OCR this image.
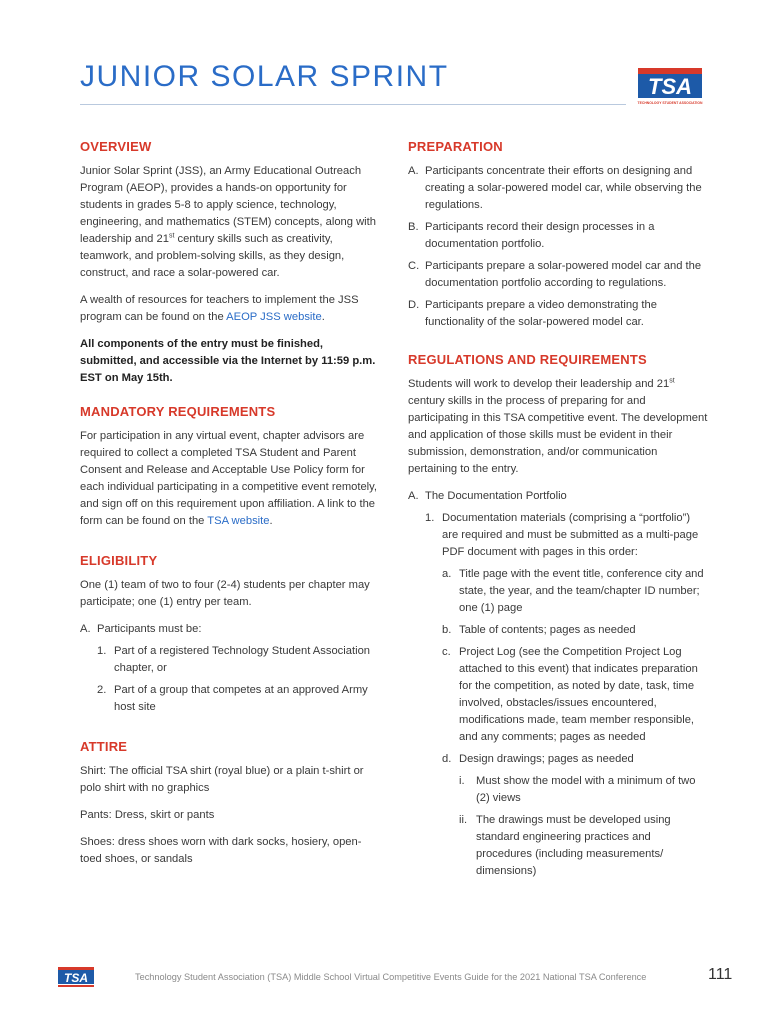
JUNIOR SOLAR SPRINT	TSA
TECHNOLOGY STUDENT ASSOCIATION
OVERVIEW

Junior Solar Sprint (JSS), an Army Educational Outreach Program (AEOP), provides a hands-on opportunity for students in grades 5-8 to apply science, technology, engineering, and mathematics (STEM) concepts, along with leadership and 21st century skills such as creativity, teamwork, and problem-solving skills, as they design, construct, and race a solar-powered car.

A wealth of resources for teachers to implement the JSS program can be found on the AEOP JSS website.

All components of the entry must be finished, submitted, and accessible via the Internet by 11:59 p.m. EST on May 15th.

MANDATORY REQUIREMENTS

For participation in any virtual event, chapter advisors are required to collect a completed TSA Student and Parent Consent and Release and Acceptable Use Policy form for each individual participating in a competitive event remotely, and sign off on this requirement upon affiliation. A link to the form can be found on the TSA website.

ELIGIBILITY

One (1) team of two to four (2-4) students per chapter may participate; one (1) entry per team.

A. Participants must be:
1. Part of a registered Technology Student Association chapter, or
2. Part of a group that competes at an approved Army host site
ATTIRE

Shirt: The official TSA shirt (royal blue) or a plain t-shirt or polo shirt with no graphics

Pants: Dress, skirt or pants

Shoes: dress shoes worn with dark socks, hosiery, open-toed shoes, or sandals

PREPARATION
A. Participants concentrate their efforts on designing and creating a solar-powered model car, while observing the regulations.
B. Participants record their design processes in a documentation portfolio.
C. Participants prepare a solar-powered model car and the documentation portfolio according to regulations.
D. Participants prepare a video demonstrating the functionality of the solar-powered model car.
REGULATIONS AND REQUIREMENTS

Students will work to develop their leadership and 21st century skills in the process of preparing for and participating in this TSA competitive event. The development and application of those skills must be evident in their submission, demonstration, and/or communication pertaining to the entry.

A. The Documentation Portfolio
1. Documentation materials (comprising a “portfolio”) are required and must be submitted as a multi-page PDF document with pages in this order:
a. Title page with the event title, conference city and state, the year, and the team/chapter ID number; one (1) page
b. Table of contents; pages as needed
c. Project Log (see the Competition Project Log attached to this event) that indicates preparation for the competition, as noted by date, task, time involved, obstacles/issues encountered, modifications made, team member responsible, and any comments; pages as needed
d. Design drawings; pages as needed
i. Must show the model with a minimum of two (2) views
ii. The drawings must be developed using standard engineering practices and procedures (including measurements/ dimensions)
TSA	Technology Student Association (TSA) Middle School Virtual Competitive Events Guide for the 2021 National TSA Conference	111
